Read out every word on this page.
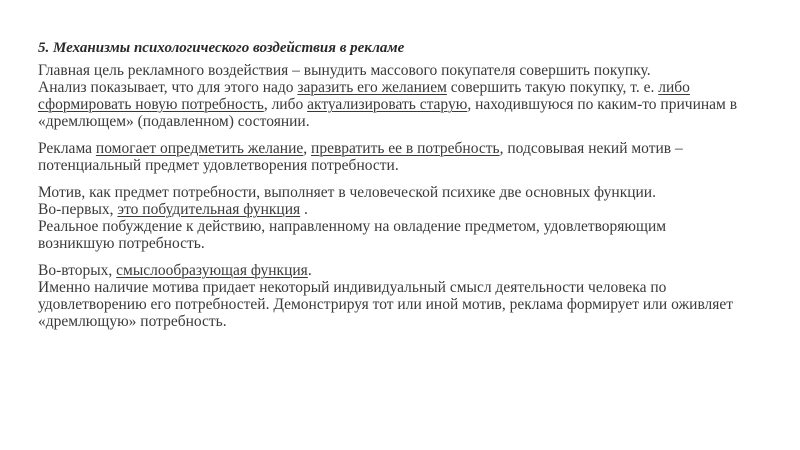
5. Механизмы психологического воздействия в рекламе

Главная цель рекламного воздействия – вынудить массового покупателя совершить покупку.
Анализ показывает, что для этого надо заразить его желанием совершить такую покупку, т. е. либо сформировать новую потребность, либо актуализировать старую, находившуюся по каким-то причинам в «дремлющем» (подавленном) состоянии.

Реклама помогает опредметить желание, превратить ее в потребность, подсовывая некий мотив – потенциальный предмет удовлетворения потребности.

Мотив, как предмет потребности, выполняет в человеческой психике две основных функции.
Во-первых, это побудительная функция .
Реальное побуждение к действию, направленному на овладение предметом, удовлетворяющим возникшую потребность.

Во-вторых, смыслообразующая функция.
Именно наличие мотива придает некоторый индивидуальный смысл деятельности человека по удовлетворению его потребностей. Демонстрируя тот или иной мотив, реклама формирует или оживляет «дремлющую» потребность.
